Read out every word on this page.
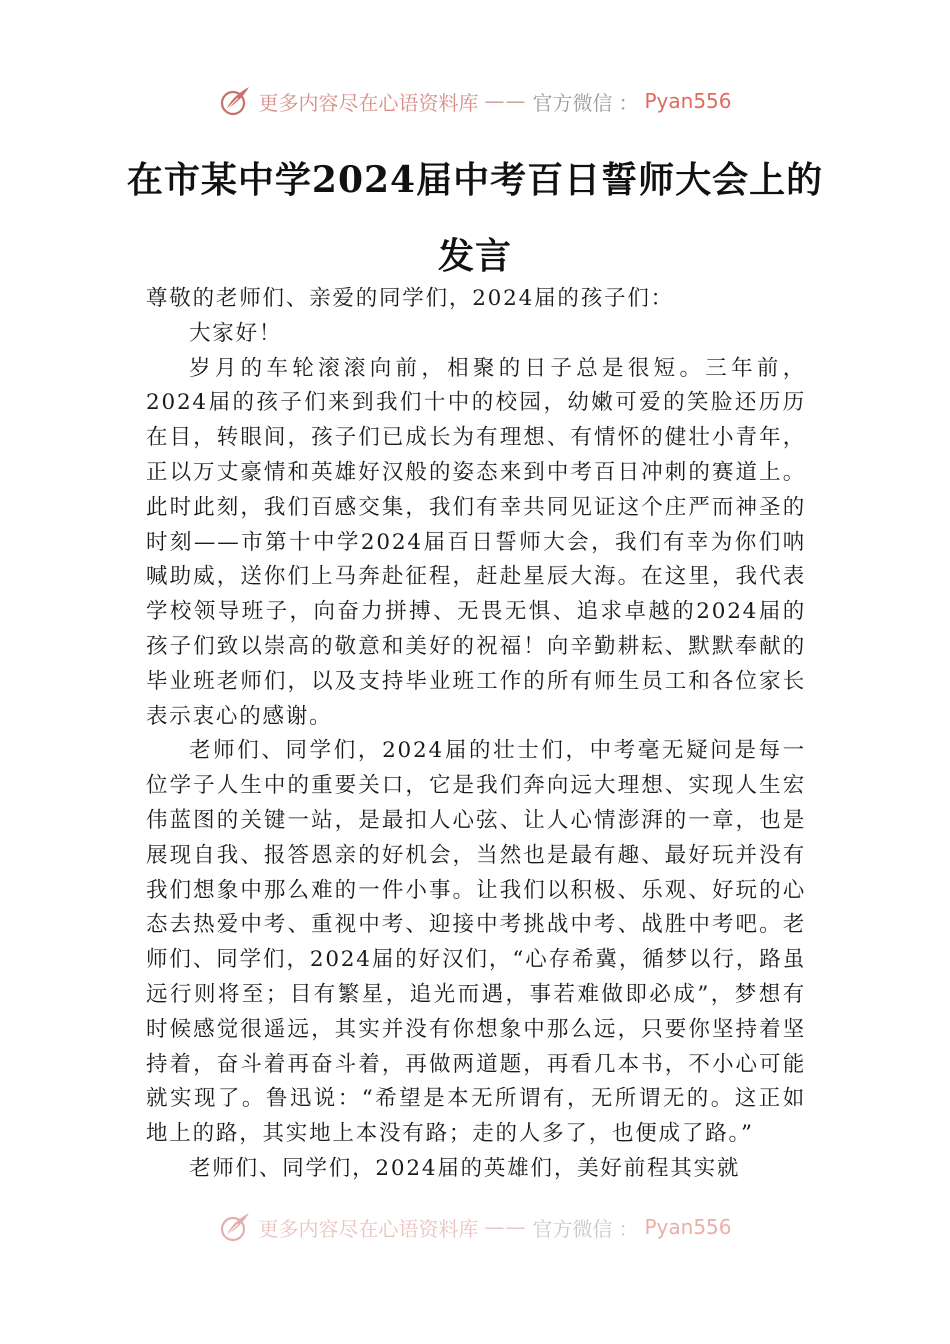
更多内容尽在心语资料库 —— 官方微信 ： Pyan556
在市某中学2024届中考百日誓师大会上的发言

尊敬的老师们、亲爱的同学们，2024届的孩子们：

大家好！

岁月的车轮滚滚向前，相聚的日子总是很短。三年前，2024届的孩子们来到我们十中的校园，幼嫩可爱的笑脸还历历在目，转眼间，孩子们已成长为有理想、有情怀的健壮小青年，正以万丈豪情和英雄好汉般的姿态来到中考百日冲刺的赛道上。此时此刻，我们百感交集，我们有幸共同见证这个庄严而神圣的时刻——市第十中学2024届百日誓师大会，我们有幸为你们呐喊助威，送你们上马奔赴征程，赶赴星辰大海。在这里，我代表学校领导班子，向奋力拼搏、无畏无惧、追求卓越的2024届的孩子们致以崇高的敬意和美好的祝福！向辛勤耕耘、默默奉献的毕业班老师们，以及支持毕业班工作的所有师生员工和各位家长表示衷心的感谢。

老师们、同学们，2024届的壮士们，中考毫无疑问是每一位学子人生中的重要关口，它是我们奔向远大理想、实现人生宏伟蓝图的关键一站，是最扣人心弦、让人心情澎湃的一章，也是展现自我、报答恩亲的好机会，当然也是最有趣、最好玩并没有我们想象中那么难的一件小事。让我们以积极、乐观、好玩的心态去热爱中考、重视中考、迎接中考挑战中考、战胜中考吧。老师们、同学们，2024届的好汉们，“心存希冀，循梦以行，路虽远行则将至；目有繁星，追光而遇，事若难做即必成”，梦想有时候感觉很遥远，其实并没有你想象中那么远，只要你坚持着坚持着，奋斗着再奋斗着，再做两道题，再看几本书，不小心可能就实现了。鲁迅说：“希望是本无所谓有，无所谓无的。这正如地上的路，其实地上本没有路；走的人多了，也便成了路。”

老师们、同学们，2024届的英雄们，美好前程其实就

更多内容尽在心语资料库 —— 官方微信 ： Pyan556
